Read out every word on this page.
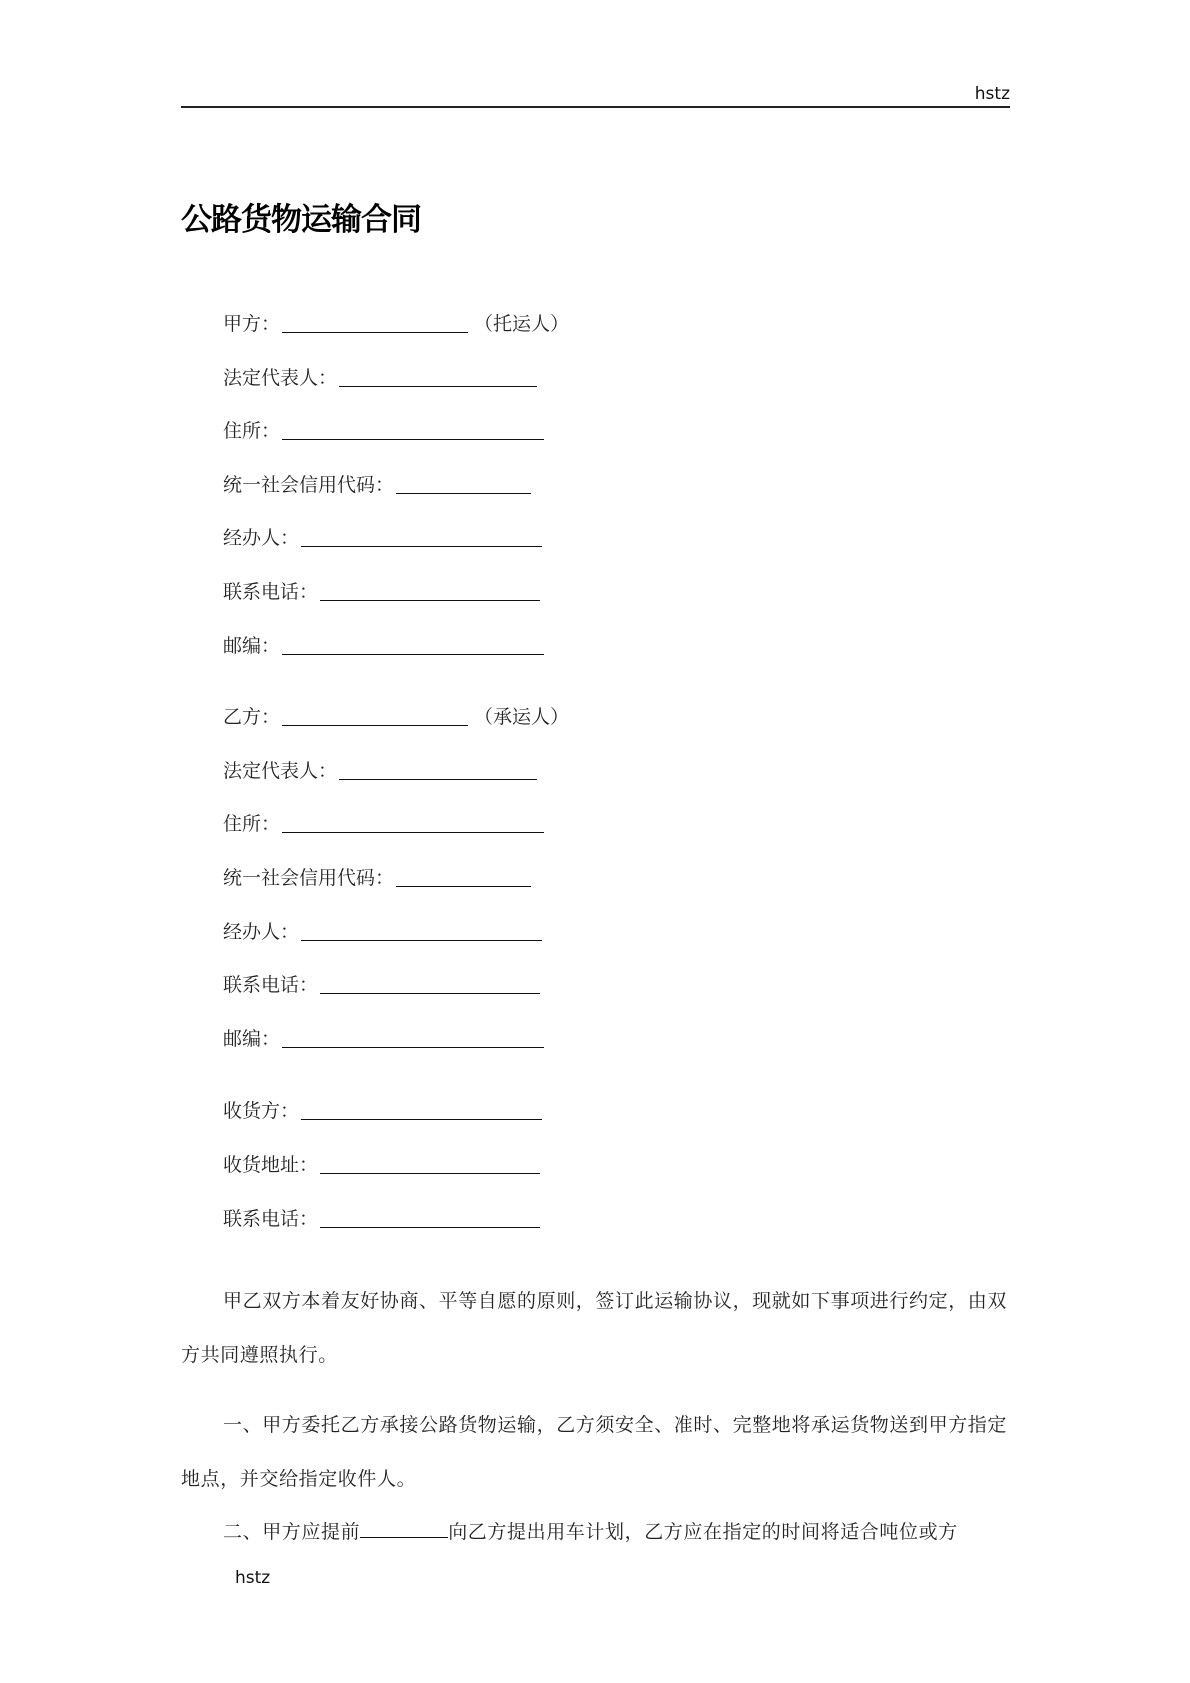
hstz
公路货物运输合同
甲方：	（托运人）
法定代表人：
住所：
统一社会信用代码：
经办人：
联系电话：
邮编：
乙方：	（承运人）
法定代表人：
住所：
统一社会信用代码：
经办人：
联系电话：
邮编：
收货方：
收货地址：
联系电话：
甲乙双方本着友好协商、平等自愿的原则，签订此运输协议，现就如下事项进行约定，由双方共同遵照执行。
一、甲方委托乙方承接公路货物运输，乙方须安全、准时、完整地将承运货物送到甲方指定地点，并交给指定收件人。
二、甲方应提前	向乙方提出用车计划，乙方应在指定的时间将适合吨位或方
hstz
